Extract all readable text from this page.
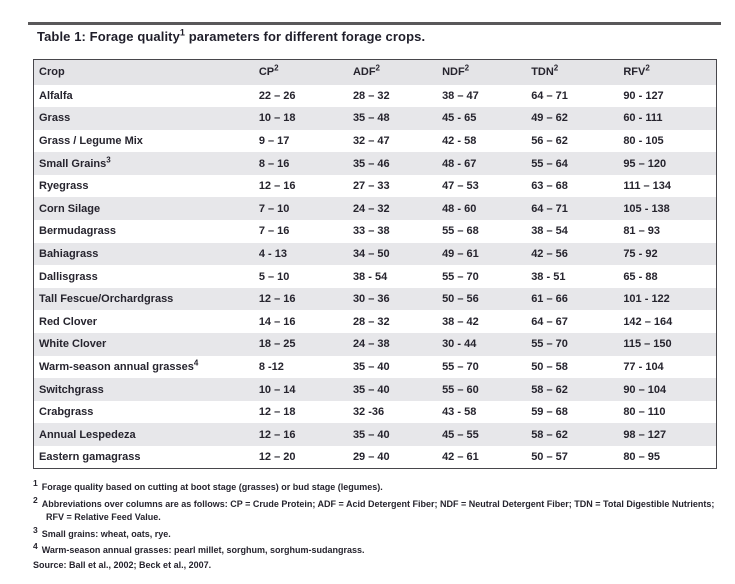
Table 1: Forage quality$^1$ parameters for different forage crops.
Crop	$CP^2$	ADF$^2$	NDF$^2$	TDN$^2$	RFV$^2$
Alfalfa	22 – 26	28 – 32	38 – 47	64 – 71	90 - 127
Grass	10 – 18	35 – 48	45 - 65	49 – 62	60 - 111
Grass / Legume Mix	9 – 17	32 – 47	42 - 58	56 – 62	80 - 105
Small Grains$^3$	8 – 16	35 – 46	48 - 67	55 – 64	95 – 120
Ryegrass	12 – 16	27 – 33	47 – 53	63 – 68	111 – 134
Corn Silage	7 – 10	24 – 32	48 - 60	64 – 71	105 - 138
Bermudagrass	7 – 16	33 – 38	55 – 68	38 – 54	81 – 93
Bahiagrass	4 - 13	34 – 50	49 – 61	42 – 56	75 - 92
Dallisgrass	5 – 10	38 - 54	55 – 70	38 - 51	65 - 88
Tall Fescue/Orchardgrass	12 – 16	30 – 36	50 – 56	61 – 66	101 - 122
Red Clover	14 – 16	28 – 32	38 – 42	64 – 67	142 – 164
White Clover	18 – 25	24 – 38	30 - 44	55 – 70	115 – 150
Warm-season annual grasses$^4$	8 -12	35 – 40	55 – 70	50 – 58	77 - 104
Switchgrass	10 – 14	35 – 40	55 – 60	58 – 62	90 – 104
Crabgrass	12 – 18	32 -36	43 - 58	59 – 68	80 – 110
Annual Lespedeza	12 – 16	35 – 40	45 – 55	58 – 62	98 – 127
Eastern gamagrass	12 – 20	29 – 40	42 – 61	50 – 57	80 – 95
$^1$ Forage quality based on cutting at boot stage (grasses) or bud stage (legumes).
$^2$ Abbreviations over columns are as follows: CP = Crude Protein; ADF = Acid Detergent Fiber; NDF = Neutral Detergent Fiber; TDN = Total Digestible Nutrients; RFV = Relative Feed Value.
$^3$ Small grains: wheat, oats, rye.
$^4$ Warm-season annual grasses: pearl millet, sorghum, sorghum-sudangrass.
Source: Ball et al., 2002; Beck et al., 2007.
